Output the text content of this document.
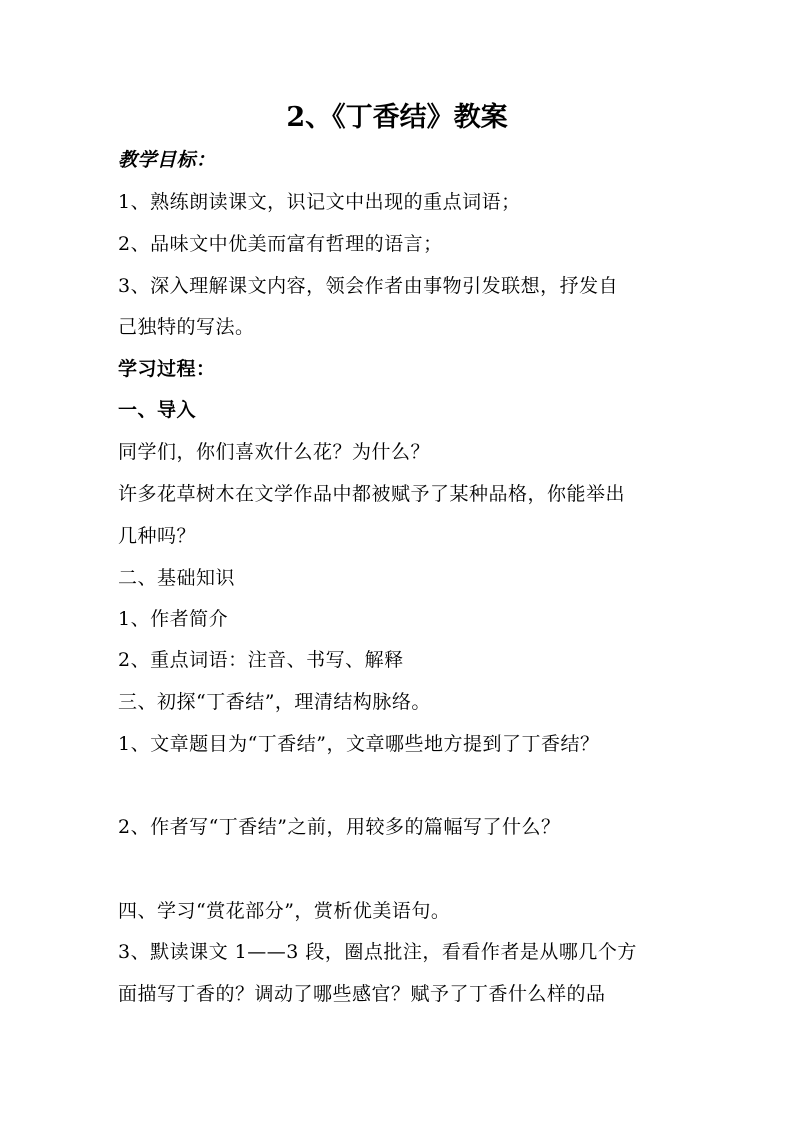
2、《丁香结》教案
教学目标：
1、熟练朗读课文，识记文中出现的重点词语；
2、品味文中优美而富有哲理的语言；
3、深入理解课文内容，领会作者由事物引发联想，抒发自
己独特的写法。
学习过程：
一、导入
同学们，你们喜欢什么花？为什么？
许多花草树木在文学作品中都被赋予了某种品格，你能举出
几种吗？
二、基础知识
1、作者简介
2、重点词语：注音、书写、解释
三、初探“丁香结”，理清结构脉络。
1、文章题目为“丁香结”，文章哪些地方提到了丁香结？
2、作者写“丁香结”之前，用较多的篇幅写了什么？
四、学习“赏花部分”，赏析优美语句。
3、默读课文 1——3 段，圈点批注，看看作者是从哪几个方
面描写丁香的？调动了哪些感官？赋予了丁香什么样的品
